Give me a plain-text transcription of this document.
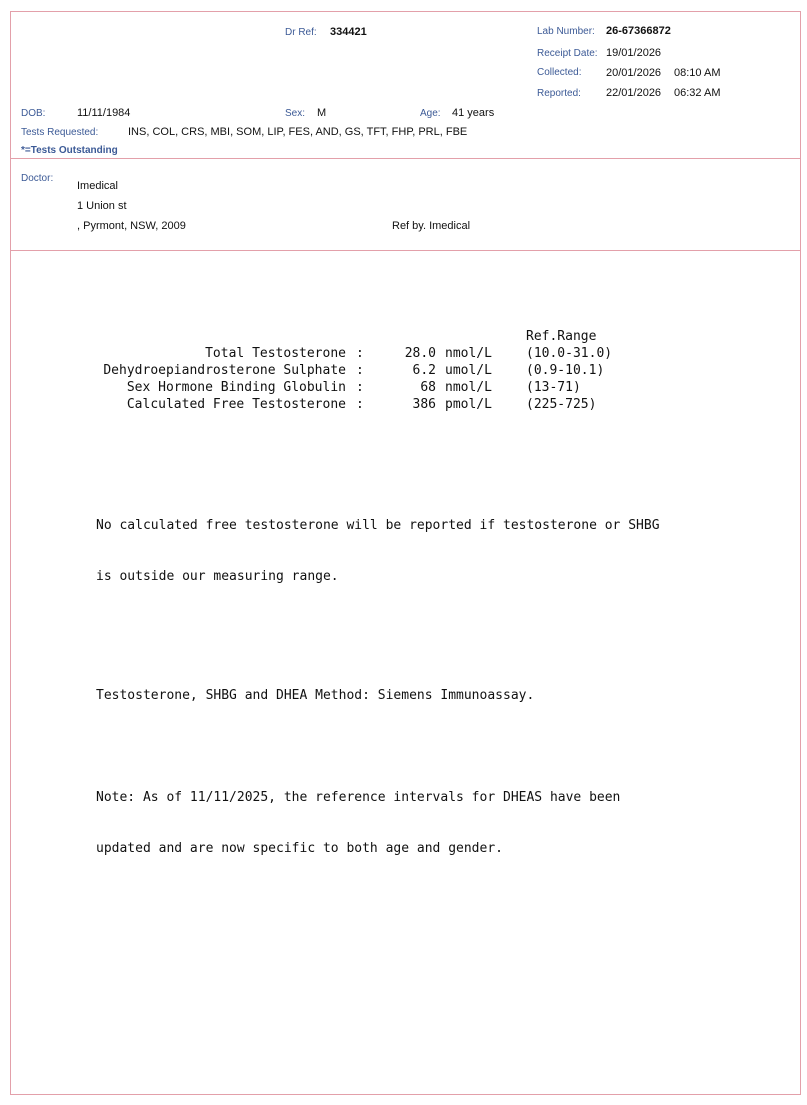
Dr Ref: 334421	Lab Number: 26-67366872
Receipt Date: 19/01/2026
Collected: 20/01/2026 08:10 AM
Reported: 22/01/2026 06:32 AM
DOB:	11/11/1984	Sex: M	Age: 41 years
Tests Requested:	INS, COL, CRS, MBI, SOM, LIP, FES, AND, GS, TFT, FHP, PRL, FBE
*=Tests Outstanding
Doctor:
Imedical
1 Union st
, Pyrmont, NSW, 2009	Ref by. Imedical
Ref.Range
Total Testosterone :	28.0 nmol/L	(10.0-31.0)
Dehydroepiandrosterone Sulphate :	6.2 umol/L	(0.9-10.1)
Sex Hormone Binding Globulin :	68 nmol/L	(13-71)
Calculated Free Testosterone :	386 pmol/L	(225-725)

No calculated free testosterone will be reported if testosterone or SHBG

is outside our measuring range.

Testosterone, SHBG and DHEA Method: Siemens Immunoassay.

Note: As of 11/11/2025, the reference intervals for DHEAS have been

updated and are now specific to both age and gender.
